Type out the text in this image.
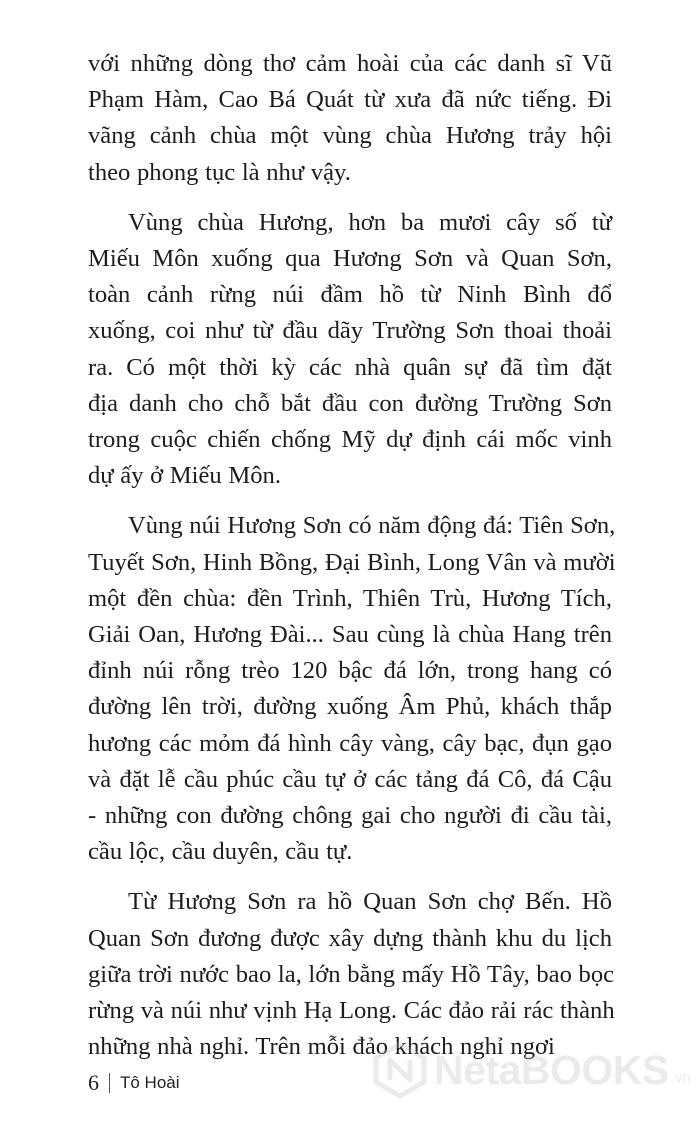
với những dòng thơ cảm hoài của các danh sĩ Vũ
Phạm Hàm, Cao Bá Quát từ xưa đã nức tiếng. Đi
vãng cảnh chùa một vùng chùa Hương trảy hội
theo phong tục là như vậy.
Vùng chùa Hương, hơn ba mươi cây số từ
Miếu Môn xuống qua Hương Sơn và Quan Sơn,
toàn cảnh rừng núi đầm hồ từ Ninh Bình đổ
xuống, coi như từ đầu dãy Trường Sơn thoai thoải
ra. Có một thời kỳ các nhà quân sự đã tìm đặt
địa danh cho chỗ bắt đầu con đường Trường Sơn
trong cuộc chiến chống Mỹ dự định cái mốc vinh
dự ấy ở Miếu Môn.
Vùng núi Hương Sơn có năm động đá: Tiên Sơn,
Tuyết Sơn, Hinh Bồng, Đại Bình, Long Vân và mười
một đền chùa: đền Trình, Thiên Trù, Hương Tích,
Giải Oan, Hương Đài... Sau cùng là chùa Hang trên
đỉnh núi rỗng trèo 120 bậc đá lớn, trong hang có
đường lên trời, đường xuống Âm Phủ, khách thắp
hương các mỏm đá hình cây vàng, cây bạc, đụn gạo
và đặt lễ cầu phúc cầu tự ở các tảng đá Cô, đá Cậu
- những con đường chông gai cho người đi cầu tài,
cầu lộc, cầu duyên, cầu tự.
Từ Hương Sơn ra hồ Quan Sơn chợ Bến. Hồ
Quan Sơn đương được xây dựng thành khu du lịch
giữa trời nước bao la, lớn bằng mấy Hồ Tây, bao bọc
rừng và núi như vịnh Hạ Long. Các đảo rải rác thành
những nhà nghỉ. Trên mỗi đảo khách nghỉ ngơi
6 Tô Hoài	NetaBOOKS .vn
